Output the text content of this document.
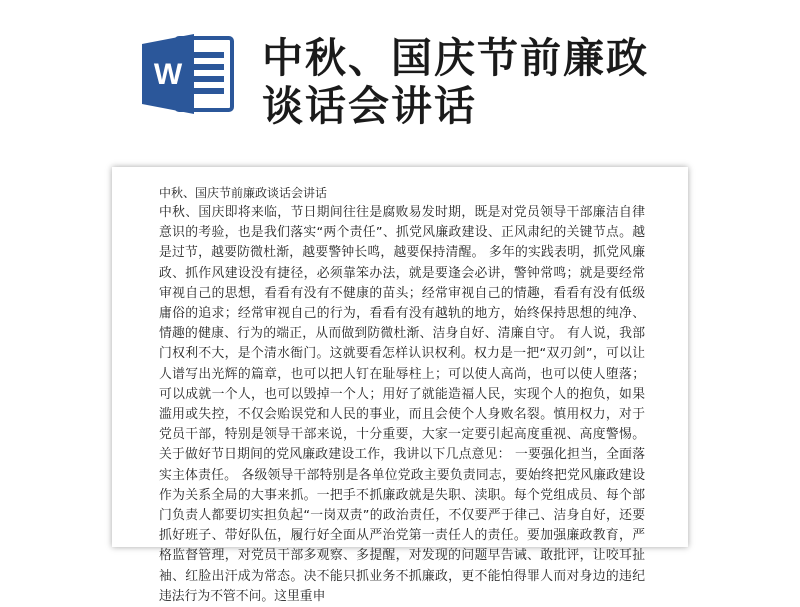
W 中秋、国庆节前廉政
谈话会讲话
中秋、国庆节前廉政谈话会讲话
中秋、国庆即将来临，节日期间往往是腐败易发时期，既是对党员领导干部廉洁自律意识的考验，也是我们落实“两个责任”、抓党风廉政建设、正风肃纪的关键节点。越是过节，越要防微杜渐，越要警钟长鸣，越要保持清醒。 多年的实践表明，抓党风廉政、抓作风建设没有捷径，必须靠笨办法，就是要逢会必讲，警钟常鸣；就是要经常审视自己的思想，看看有没有不健康的苗头；经常审视自己的情趣，看看有没有低级庸俗的追求；经常审视自己的行为，看看有没有越轨的地方，始终保持思想的纯净、情趣的健康、行为的端正，从而做到防微杜渐、洁身自好、清廉自守。 有人说，我部门权利不大，是个清水衙门。这就要看怎样认识权利。权力是一把“双刃剑”，可以让人谱写出光辉的篇章，也可以把人钉在耻辱柱上；可以使人高尚，也可以使人堕落；可以成就一个人，也可以毁掉一个人；用好了就能造福人民，实现个人的抱负，如果滥用或失控，不仅会贻误党和人民的事业，而且会使个人身败名裂。慎用权力，对于党员干部，特别是领导干部来说，十分重要，大家一定要引起高度重视、高度警惕。 关于做好节日期间的党风廉政建设工作，我讲以下几点意见： 一要强化担当，全面落实主体责任。 各级领导干部特别是各单位党政主要负责同志，要始终把党风廉政建设作为关系全局的大事来抓。一把手不抓廉政就是失职、渎职。每个党组成员、每个部门负责人都要切实担负起“一岗双责”的政治责任，不仅要严于律己、洁身自好，还要抓好班子、带好队伍，履行好全面从严治党第一责任人的责任。要加强廉政教育，严格监督管理，对党员干部多观察、多提醒，对发现的问题早告诫、敢批评，让咬耳扯袖、红脸出汗成为常态。决不能只抓业务不抓廉政，更不能怕得罪人而对身边的违纪违法行为不管不问。这里重申
